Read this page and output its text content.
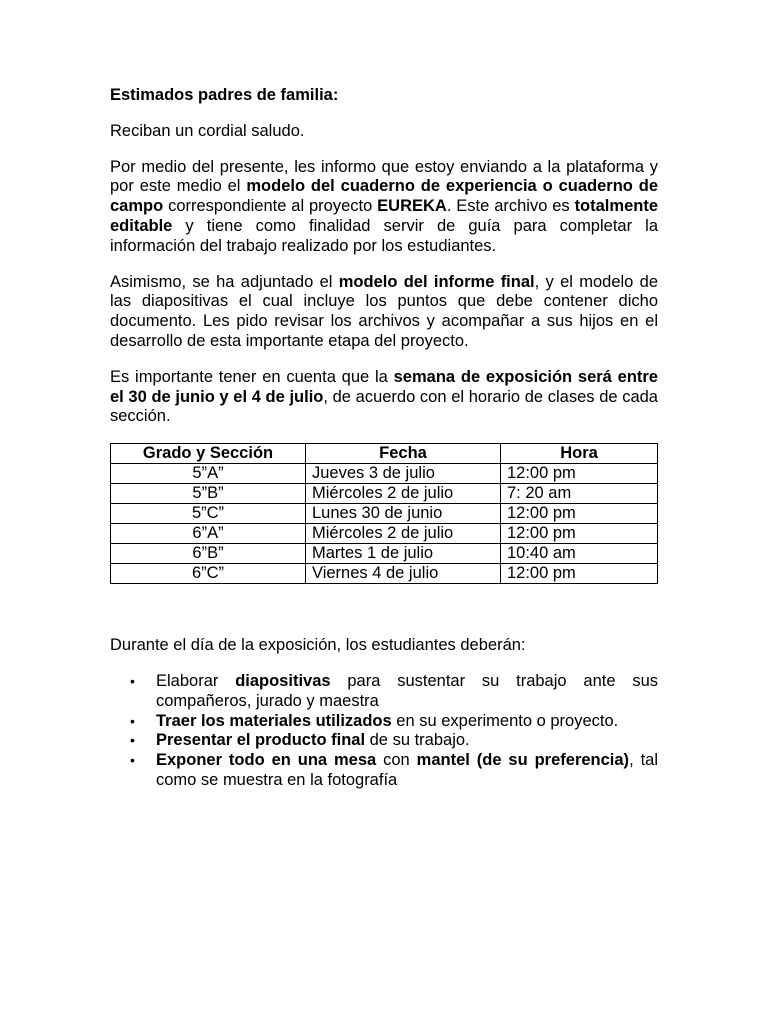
Estimados padres de familia:

Reciban un cordial saludo.

Por medio del presente, les informo que estoy enviando a la plataforma y por este medio el modelo del cuaderno de experiencia o cuaderno de campo correspondiente al proyecto EUREKA. Este archivo es totalmente editable y tiene como finalidad servir de guía para completar la información del trabajo realizado por los estudiantes.

Asimismo, se ha adjuntado el modelo del informe final, y el modelo de las diapositivas el cual incluye los puntos que debe contener dicho documento. Les pido revisar los archivos y acompañar a sus hijos en el desarrollo de esta importante etapa del proyecto.

Es importante tener en cuenta que la semana de exposición será entre el 30 de junio y el 4 de julio, de acuerdo con el horario de clases de cada sección.

Grado y Sección	Fecha	Hora
5”A”	Jueves 3 de julio	12:00 pm
5”B”	Miércoles 2 de julio	7: 20 am
5”C”	Lunes 30 de junio	12:00 pm
6”A”	Miércoles 2 de julio	12:00 pm
6”B”	Martes 1 de julio	10:40 am
6”C”	Viernes 4 de julio	12:00 pm

Durante el día de la exposición, los estudiantes deberán:

• Elaborar diapositivas para sustentar su trabajo ante sus compañeros, jurado y maestra
• Traer los materiales utilizados en su experimento o proyecto.
• Presentar el producto final de su trabajo.
• Exponer todo en una mesa con mantel (de su preferencia), tal como se muestra en la fotografía
